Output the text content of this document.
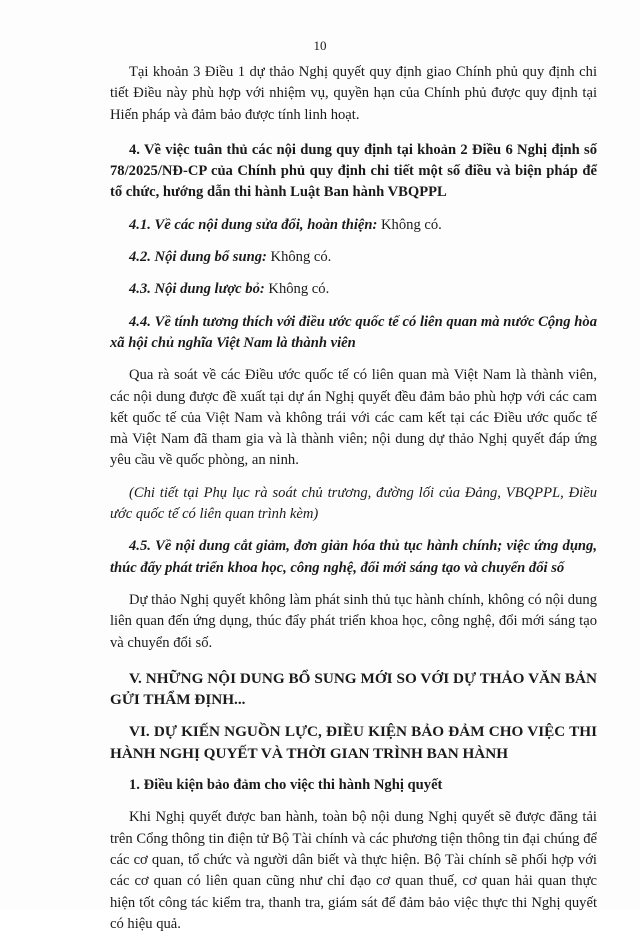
10

Tại khoản 3 Điều 1 dự thảo Nghị quyết quy định giao Chính phủ quy định chi tiết Điều này phù hợp với nhiệm vụ, quyền hạn của Chính phủ được quy định tại Hiến pháp và đảm bảo được tính linh hoạt.

4. Về việc tuân thủ các nội dung quy định tại khoản 2 Điều 6 Nghị định số 78/2025/NĐ-CP của Chính phủ quy định chi tiết một số điều và biện pháp để tổ chức, hướng dẫn thi hành Luật Ban hành VBQPPL

4.1. Về các nội dung sửa đổi, hoàn thiện: Không có.

4.2. Nội dung bổ sung: Không có.

4.3. Nội dung lược bỏ: Không có.

4.4. Về tính tương thích với điều ước quốc tế có liên quan mà nước Cộng hòa xã hội chủ nghĩa Việt Nam là thành viên

Qua rà soát về các Điều ước quốc tế có liên quan mà Việt Nam là thành viên, các nội dung được đề xuất tại dự án Nghị quyết đều đảm bảo phù hợp với các cam kết quốc tế của Việt Nam và không trái với các cam kết tại các Điều ước quốc tế mà Việt Nam đã tham gia và là thành viên; nội dung dự thảo Nghị quyết đáp ứng yêu cầu về quốc phòng, an ninh.

(Chi tiết tại Phụ lục rà soát chủ trương, đường lối của Đảng, VBQPPL, Điều ước quốc tế có liên quan trình kèm)

4.5. Về nội dung cắt giảm, đơn giản hóa thủ tục hành chính; việc ứng dụng, thúc đẩy phát triển khoa học, công nghệ, đổi mới sáng tạo và chuyển đổi số

Dự thảo Nghị quyết không làm phát sinh thủ tục hành chính, không có nội dung liên quan đến ứng dụng, thúc đẩy phát triển khoa học, công nghệ, đổi mới sáng tạo và chuyển đổi số.

V. NHỮNG NỘI DUNG BỔ SUNG MỚI SO VỚI DỰ THẢO VĂN BẢN GỬI THẨM ĐỊNH...

VI. DỰ KIẾN NGUỒN LỰC, ĐIỀU KIỆN BẢO ĐẢM CHO VIỆC THI HÀNH NGHỊ QUYẾT VÀ THỜI GIAN TRÌNH BAN HÀNH

1. Điều kiện bảo đảm cho việc thi hành Nghị quyết

Khi Nghị quyết được ban hành, toàn bộ nội dung Nghị quyết sẽ được đăng tải trên Cổng thông tin điện tử Bộ Tài chính và các phương tiện thông tin đại chúng để các cơ quan, tổ chức và người dân biết và thực hiện. Bộ Tài chính sẽ phối hợp với các cơ quan có liên quan cũng như chỉ đạo cơ quan thuế, cơ quan hải quan thực hiện tốt công tác kiểm tra, thanh tra, giám sát để đảm bảo việc thực thi Nghị quyết có hiệu quả.
